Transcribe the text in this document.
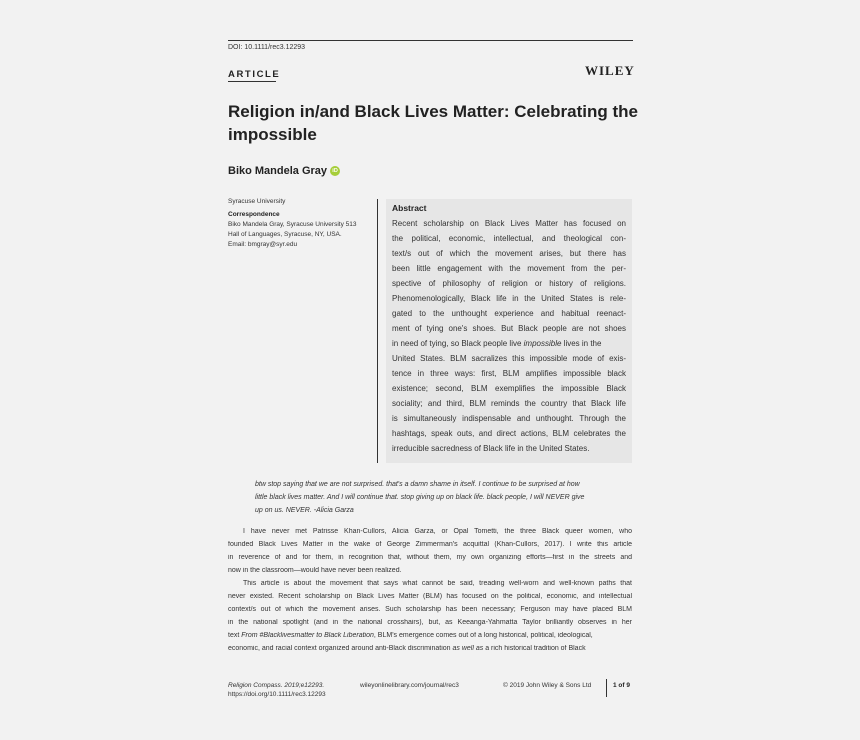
DOI: 10.1111/rec3.12293
ARTICLE	WILEY
Religion in/and Black Lives Matter: Celebrating the impossible
Biko Mandela Gray iD
Syracuse University
Correspondence
Biko Mandela Gray, Syracuse University 513
Hall of Languages, Syracuse, NY, USA.
Email: bmgray@syr.edu
Abstract
Recent scholarship on Black Lives Matter has focused on
the political, economic, intellectual, and theological con-
text/s out of which the movement arises, but there has
been little engagement with the movement from the per-
spective of philosophy of religion or history of religions.
Phenomenologically, Black life in the United States is rele-
gated to the unthought experience and habitual reenact-
ment of tying one's shoes. But Black people are not shoes
in need of tying, so Black people live impossible lives in the
United States. BLM sacralizes this impossible mode of exis-
tence in three ways: first, BLM amplifies impossible black
existence; second, BLM exemplifies the impossible Black
sociality; and third, BLM reminds the country that Black life
is simultaneously indispensable and unthought. Through the
hashtags, speak outs, and direct actions, BLM celebrates the
irreducible sacredness of Black life in the United States.
btw stop saying that we are not surprised. that's a damn shame in itself. I continue to be surprised at how
little black lives matter. And I will continue that. stop giving up on black life. black people, I will NEVER give
up on us. NEVER. -Alicia Garza
I have never met Patrisse Khan-Cullors, Alicia Garza, or Opal Tometti, the three Black queer women, who
founded Black Lives Matter in the wake of George Zimmerman's acquittal (Khan-Cullors, 2017). I write this article
in reverence of and for them, in recognition that, without them, my own organizing efforts—first in the streets and
now in the classroom—would have never been realized.
This article is about the movement that says what cannot be said, treading well-worn and well-known paths that
never existed. Recent scholarship on Black Lives Matter (BLM) has focused on the political, economic, and intellectual
context/s out of which the movement arises. Such scholarship has been necessary; Ferguson may have placed BLM
in the national spotlight (and in the national crosshairs), but, as Keeanga-Yahmatta Taylor brilliantly observes in her
text From #Blacklivesmatter to Black Liberation, BLM's emergence comes out of a long historical, political, ideological,
economic, and racial context organized around anti-Black discrimination as well as a rich historical tradition of Black
Religion Compass. 2019;e12293.
https://doi.org/10.1111/rec3.12293
wileyonlinelibrary.com/journal/rec3	© 2019 John Wiley & Sons Ltd	1 of 9
